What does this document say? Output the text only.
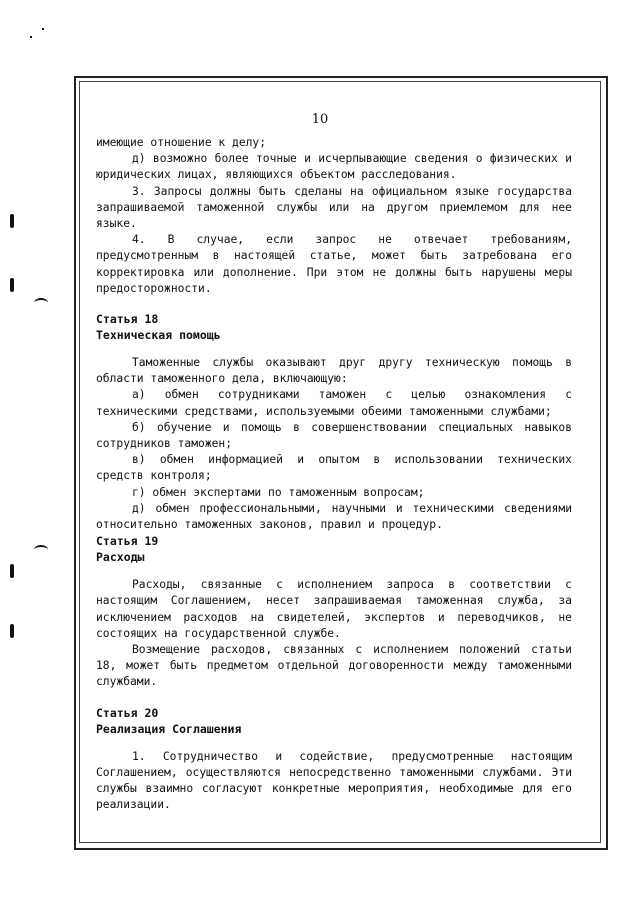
10

имеющие отношение к делу;

д) возможно более точные и исчерпывающие сведения о физических и юридических лицах, являющихся объектом расследования.

3. Запросы должны быть сделаны на официальном языке государства запрашиваемой таможенной службы или на другом приемлемом для нее языке.

4. В случае, если запрос не отвечает требованиям, предусмотренным в настоящей статье, может быть затребована его корректировка или дополнение. При этом не должны быть нарушены меры предосторожности.

Статья 18

Техническая помощь

Таможенные службы оказывают друг другу техническую помощь в области таможенного дела, включающую:

а) обмен сотрудниками таможен с целью ознакомления с техническими средствами, используемыми обеими таможенными службами;

б) обучение и помощь в совершенствовании специальных навыков сотрудников таможен;

в) обмен информацией и опытом в использовании технических средств контроля;

г) обмен экспертами по таможенным вопросам;

д) обмен профессиональными, научными и техническими сведениями относительно таможенных законов, правил и процедур.

Статья 19

Расходы

Расходы, связанные с исполнением запроса в соответствии с настоящим Соглашением, несет запрашиваемая таможенная служба, за исключением расходов на свидетелей, экспертов и переводчиков, не состоящих на государственной службе.

Возмещение расходов, связанных с исполнением положений статьи 18, может быть предметом отдельной договоренности между таможенными службами.

Статья 20

Реализация Соглашения

1. Сотрудничество и содействие, предусмотренные настоящим Соглашением, осуществляются непосредственно таможенными службами. Эти службы взаимно согласуют конкретные мероприятия, необходимые для его реализации.
